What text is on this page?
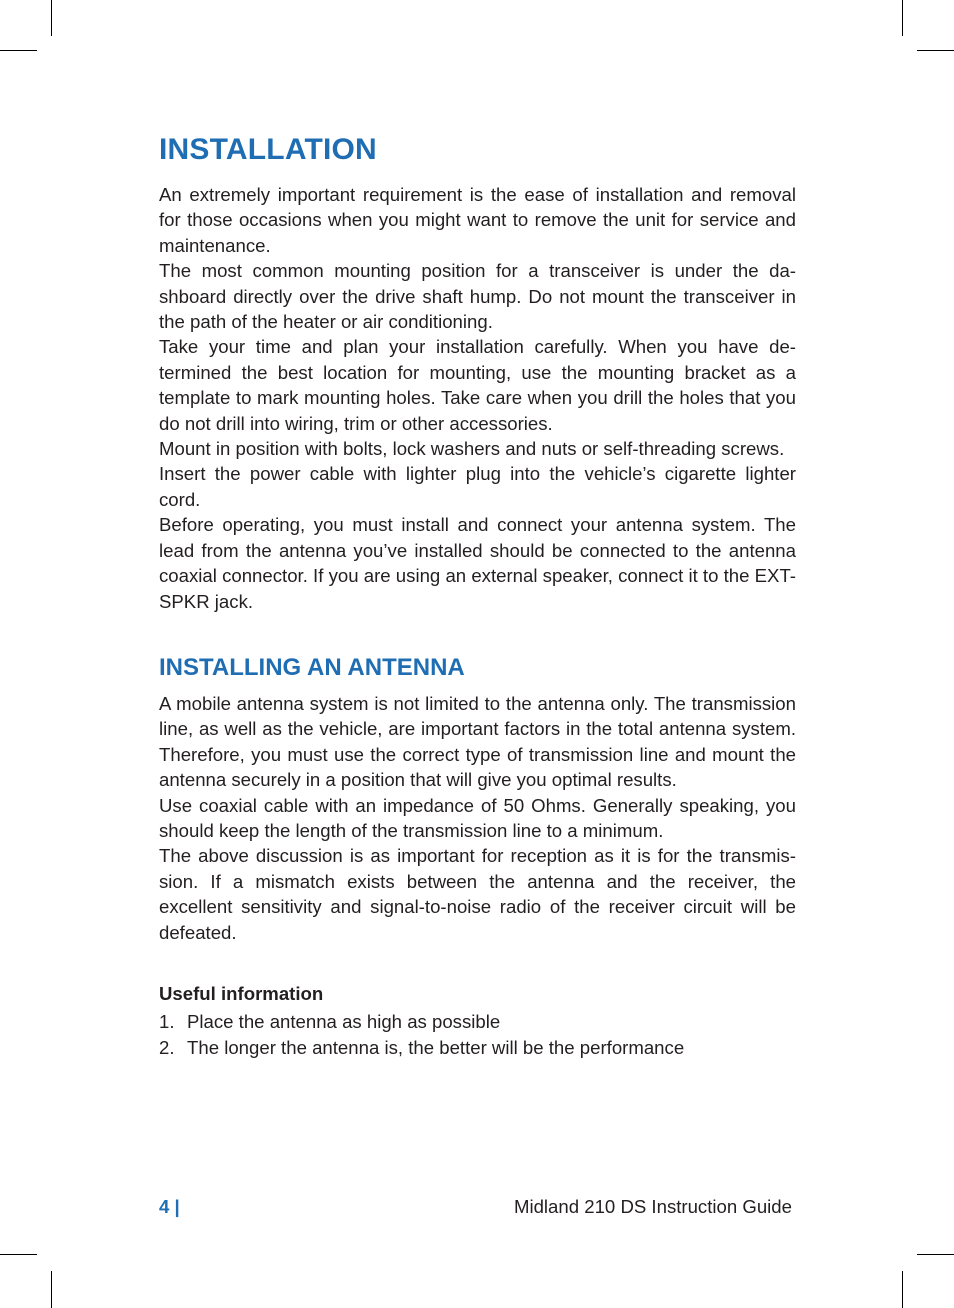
INSTALLATION

An extremely important requirement is the ease of installation and removal for those occasions when you might want to remove the unit for service and maintenance.

The most common mounting position for a transceiver is under the dashboard directly over the drive shaft hump. Do not mount the transceiver in the path of the heater or air conditioning.

Take your time and plan your installation carefully. When you have determined the best location for mounting, use the mounting bracket as a template to mark mounting holes. Take care when you drill the holes that you do not drill into wiring, trim or other accessories.

Mount in position with bolts, lock washers and nuts or self-threading screws.

Insert the power cable with lighter plug into the vehicle’s cigarette lighter cord.

Before operating, you must install and connect your antenna system. The lead from the antenna you’ve installed should be connected to the antenna coaxial connector. If you are using an external speaker, connect it to the EXT-SPKR jack.

INSTALLING AN ANTENNA

A mobile antenna system is not limited to the antenna only. The transmission line, as well as the vehicle, are important factors in the total antenna system. Therefore, you must use the correct type of transmission line and mount the antenna securely in a position that will give you optimal results.

Use coaxial cable with an impedance of 50 Ohms. Generally speaking, you should keep the length of the transmission line to a minimum.

The above discussion is as important for reception as it is for the transmission. If a mismatch exists between the antenna and the receiver, the excellent sensitivity and signal-to-noise radio of the receiver circuit will be defeated.

Useful information
1. Place the antenna as high as possible
2. The longer the antenna is, the better will be the performance
4 |	Midland 210 DS Instruction Guide
